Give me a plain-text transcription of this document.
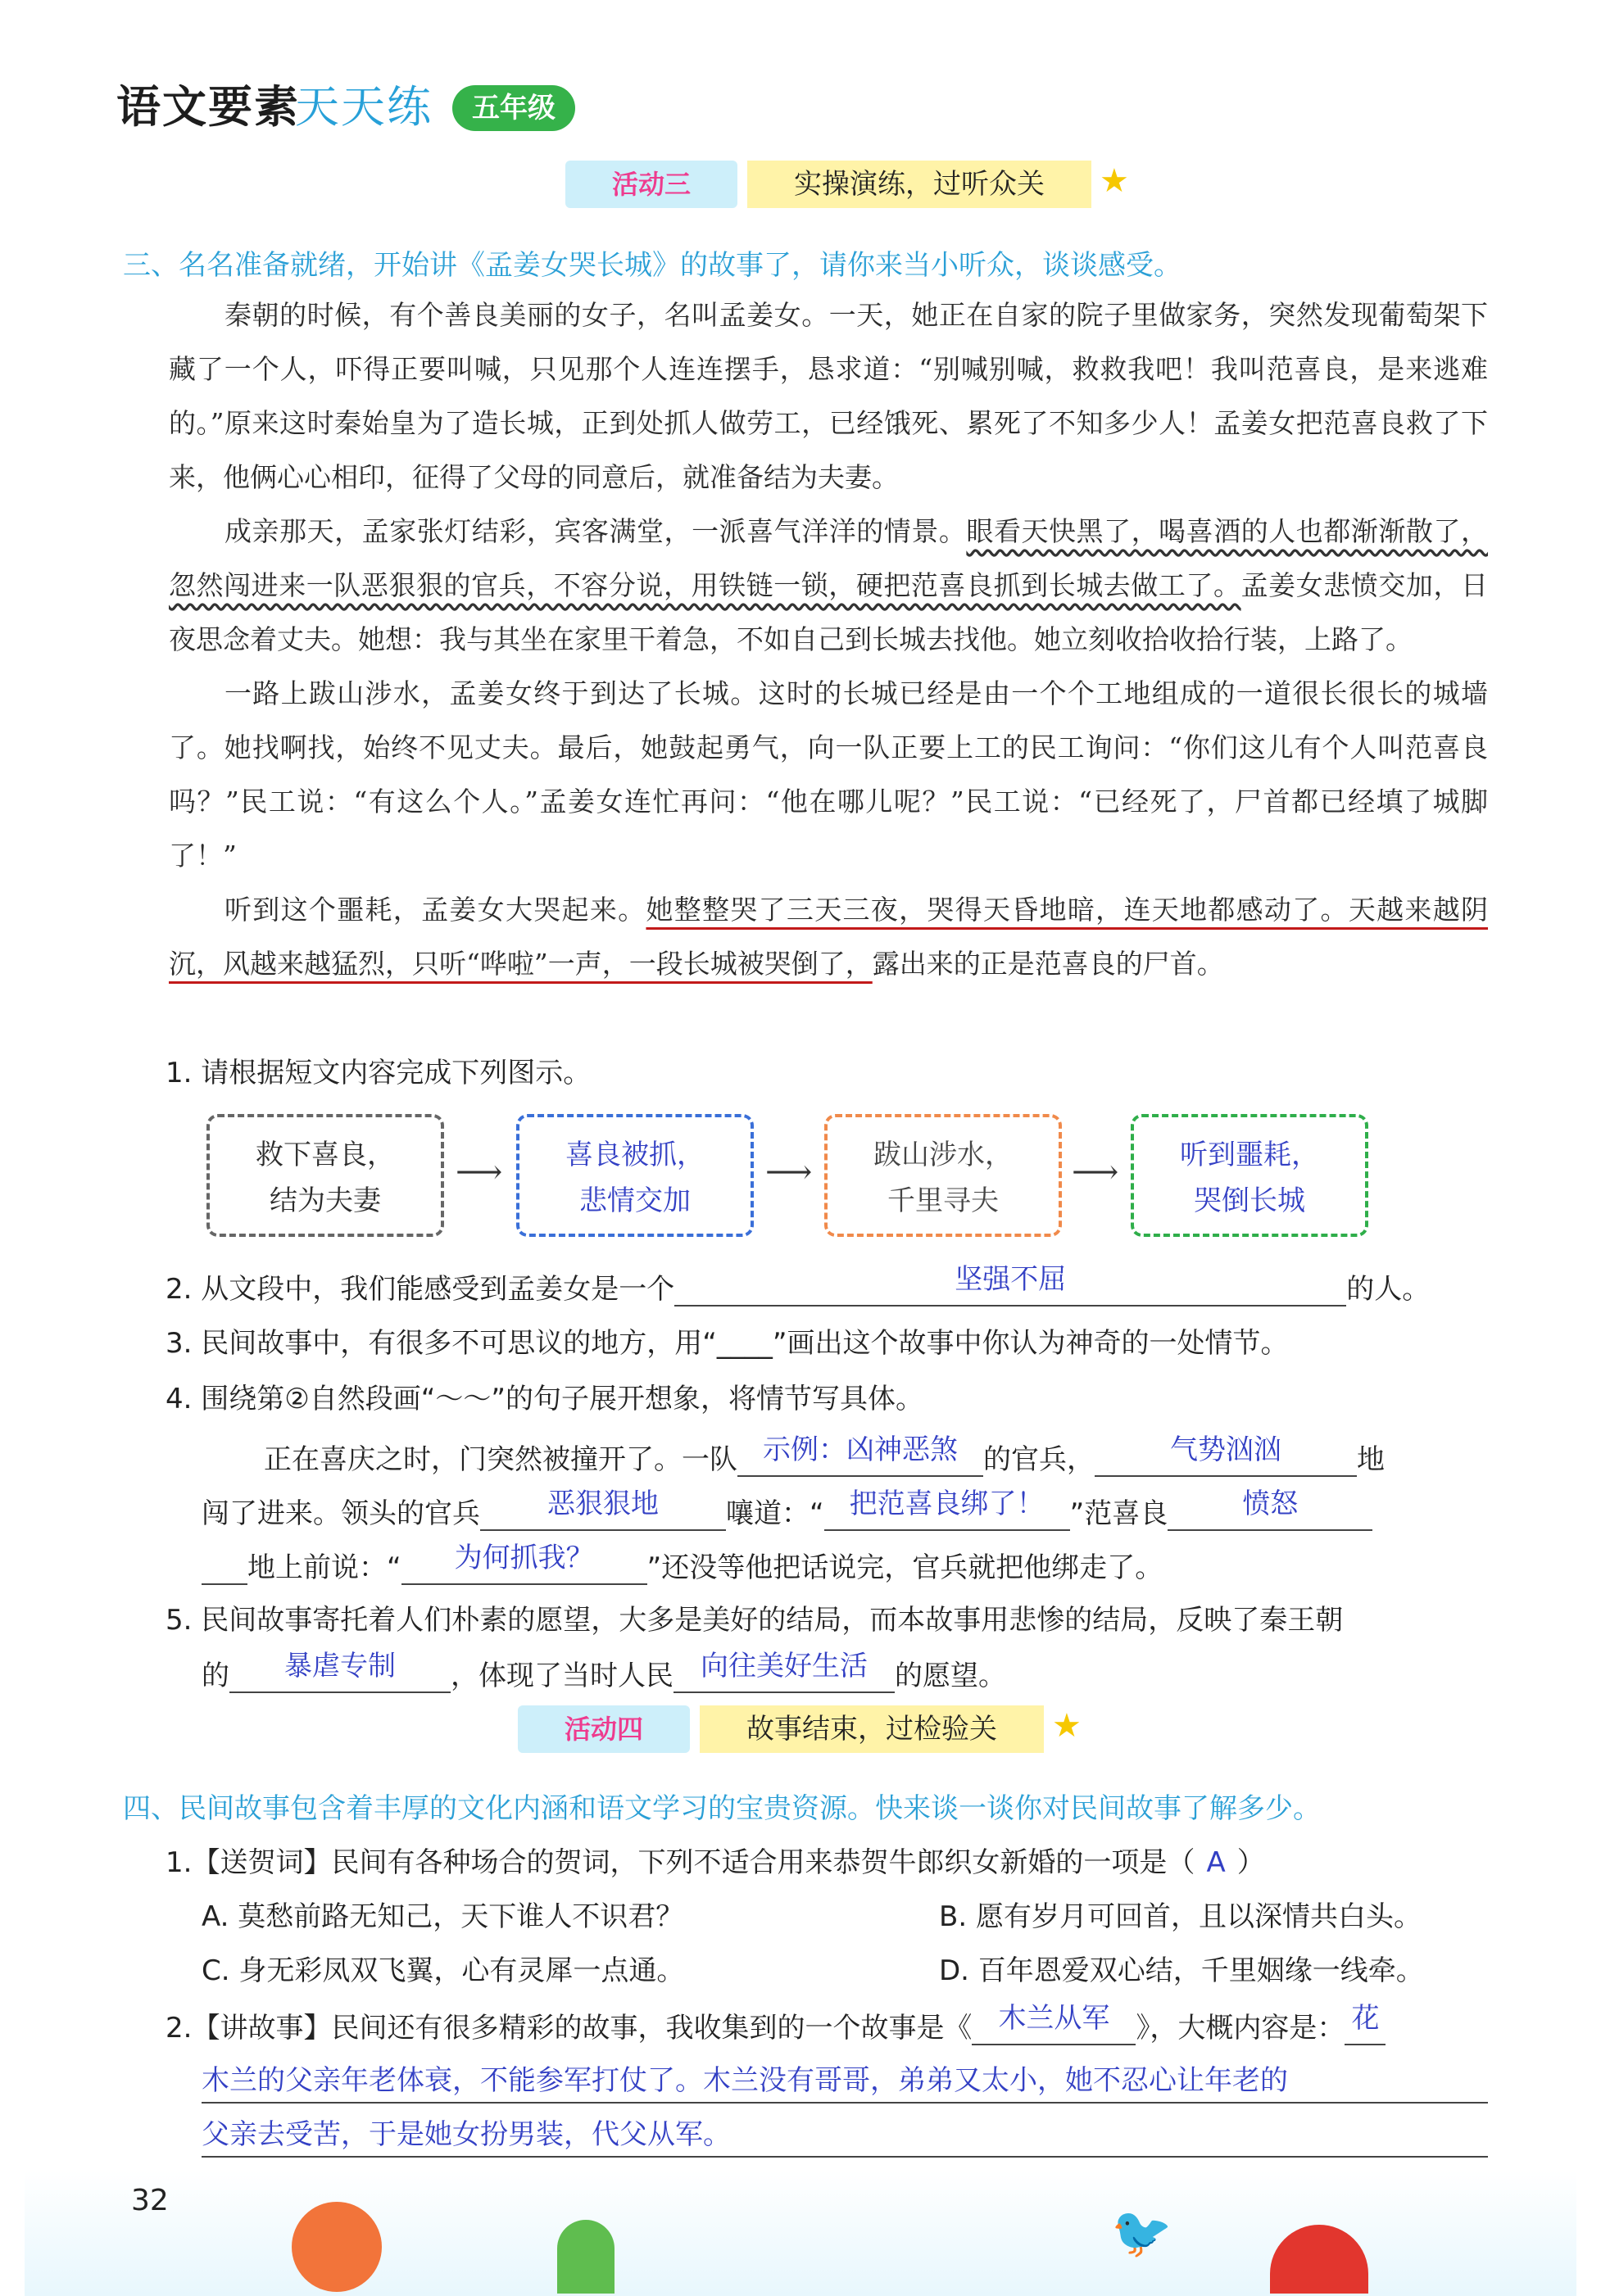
语文要素
天天练	五年级
活动三	实操演练，过听众关	★
三、名名准备就绪，开始讲《孟姜女哭长城》的故事了，请你来当小听众，谈谈感受。

秦朝的时候，有个善良美丽的女子，名叫孟姜女。一天，她正在自家的院子里做家务，突然发现葡萄架下藏了一个人，吓得正要叫喊，只见那个人连连摆手，恳求道：“别喊别喊，救救我吧！我叫范喜良，是来逃难的。”原来这时秦始皇为了造长城，正到处抓人做劳工，已经饿死、累死了不知多少人！孟姜女把范喜良救了下来，他俩心心相印，征得了父母的同意后，就准备结为夫妻。

成亲那天，孟家张灯结彩，宾客满堂，一派喜气洋洋的情景。眼看天快黑了，喝喜酒的人也都渐渐散了，忽然闯进来一队恶狠狠的官兵，不容分说，用铁链一锁，硬把范喜良抓到长城去做工了。孟姜女悲愤交加，日夜思念着丈夫。她想：我与其坐在家里干着急，不如自己到长城去找他。她立刻收拾收拾行装，上路了。

一路上跋山涉水，孟姜女终于到达了长城。这时的长城已经是由一个个工地组成的一道很长很长的城墙了。她找啊找，始终不见丈夫。最后，她鼓起勇气，向一队正要上工的民工询问：“你们这儿有个人叫范喜良吗？”民工说：“有这么个人。”孟姜女连忙再问：“他在哪儿呢？”民工说：“已经死了，尸首都已经填了城脚了！”

听到这个噩耗，孟姜女大哭起来。她整整哭了三天三夜，哭得天昏地暗，连天地都感动了。天越来越阴沉，风越来越猛烈，只听“哗啦”一声，一段长城被哭倒了，露出来的正是范喜良的尸首。

1. 请根据短文内容完成下列图示。
救下喜良，
结为夫妻
⟶	喜良被抓，
悲情交加
⟶	跋山涉水，
千里寻夫
⟶	听到噩耗，
哭倒长城
2. 从文段中，我们能感受到孟姜女是一个	坚强不屈	的人。
3. 民间故事中，有很多不可思议的地方，用“____”画出这个故事中你认为神奇的一处情节。
4. 围绕第②自然段画“～～”的句子展开想象，将情节写具体。
正在喜庆之时，门突然被撞开了。一队 示例：凶神恶煞 的官兵，	气势汹汹	地
闯了进来。领头的官兵 恶狠狠地 嚷道：“ 把范喜良绑了！ ”范喜良	愤怒
地上前说：“ 为何抓我？ ”还没等他把话说完，官兵就把他绑走了。
5. 民间故事寄托着人们朴素的愿望，大多是美好的结局，而本故事用悲惨的结局，反映了秦王朝
的 暴虐专制 ，体现了当时人民 向往美好生活 的愿望。
活动四	故事结束，过检验关	★
四、民间故事包含着丰厚的文化内涵和语文学习的宝贵资源。快来谈一谈你对民间故事了解多少。
1.【送贺词】民间有各种场合的贺词，下列不适合用来恭贺牛郎织女新婚的一项是（ A ）
A. 莫愁前路无知己，天下谁人不识君？	B. 愿有岁月可回首，且以深情共白头。
C. 身无彩凤双飞翼，心有灵犀一点通。	D. 百年恩爱双心结，千里姻缘一线牵。
2.【讲故事】民间还有很多精彩的故事，我收集到的一个故事是《 木兰从军 》，大概内容是： 花
木兰的父亲年老体衰，不能参军打仗了。木兰没有哥哥，弟弟又太小，她不忍心让年老的
父亲去受苦，于是她女扮男装，代父从军。
32
🐦
